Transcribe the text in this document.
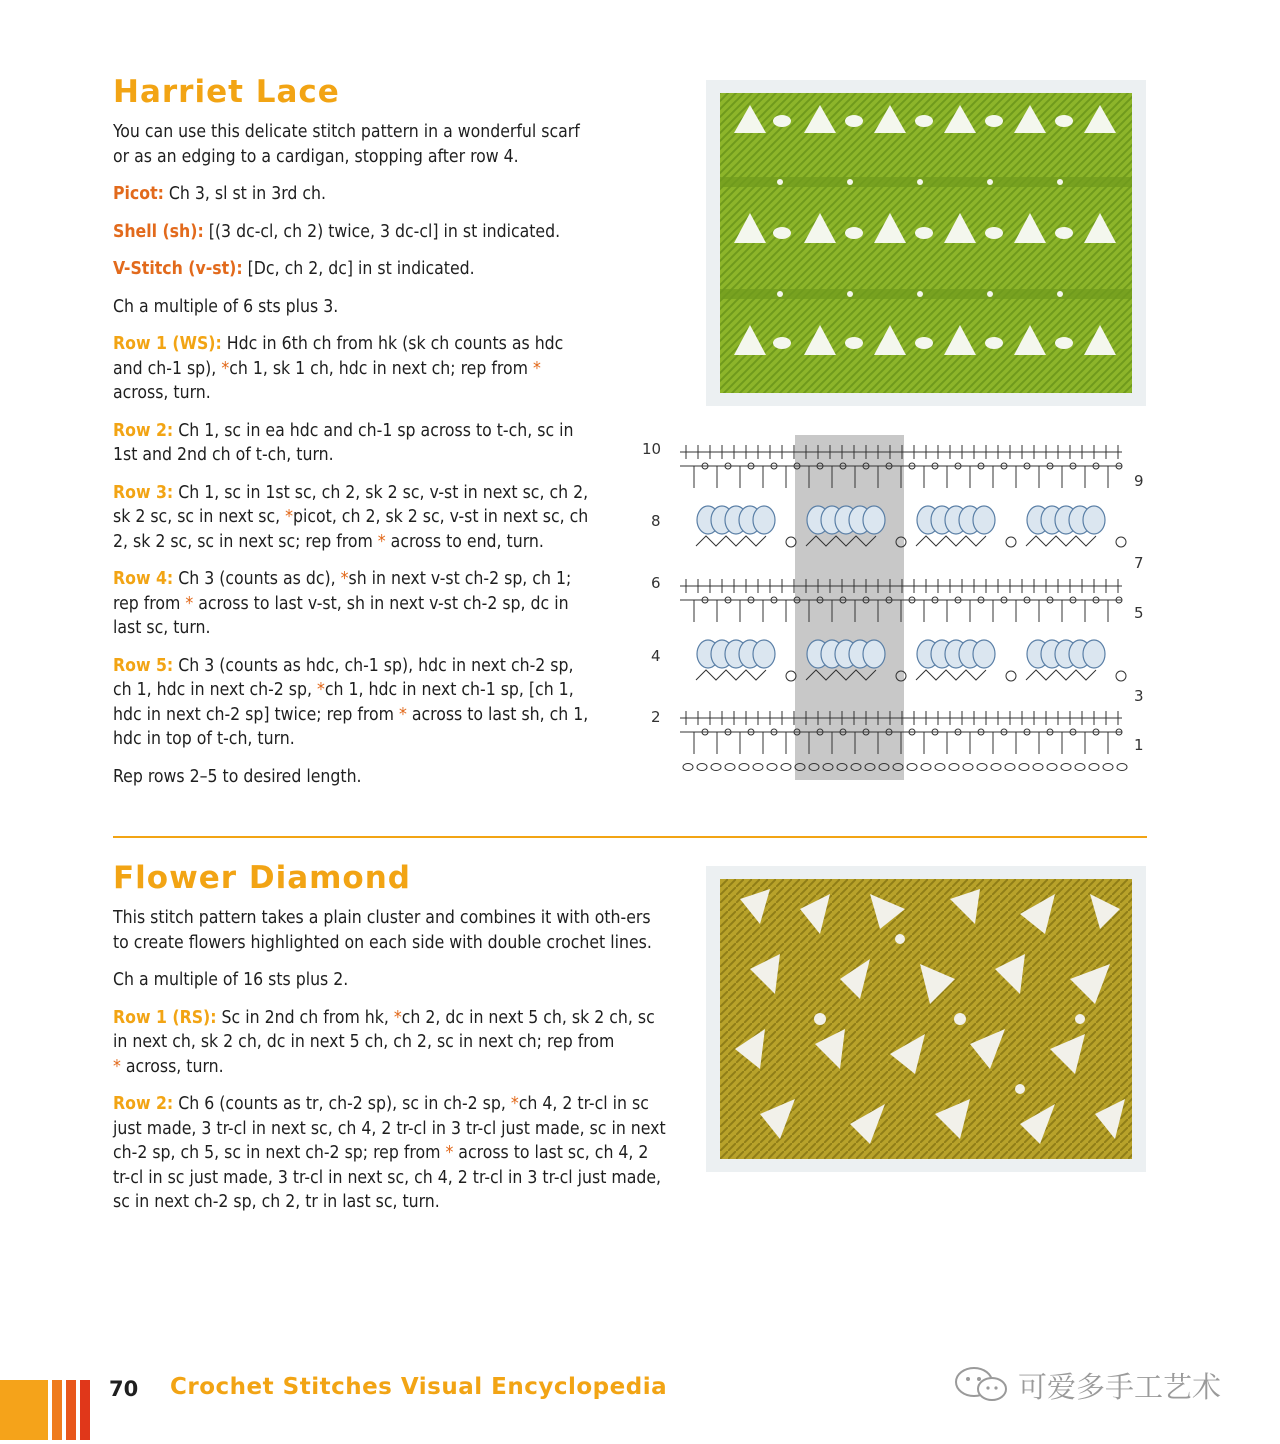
Harriet Lace

You can use this delicate stitch pattern in a wonderful scarf or as an edging to a cardigan, stopping after row 4.

Picot: Ch 3, sl st in 3rd ch.

Shell (sh): [(3 dc-cl, ch 2) twice, 3 dc-cl] in st indicated.

V-Stitch (v-st): [Dc, ch 2, dc] in st indicated.

Ch a multiple of 6 sts plus 3.

Row 1 (WS): Hdc in 6th ch from hk (sk ch counts as hdc and ch-1 sp), *ch 1, sk 1 ch, hdc in next ch; rep from * across, turn.

Row 2: Ch 1, sc in ea hdc and ch-1 sp across to t-ch, sc in 1st and 2nd ch of t-ch, turn.

Row 3: Ch 1, sc in 1st sc, ch 2, sk 2 sc, v-st in next sc, ch 2, sk 2 sc, sc in next sc, *picot, ch 2, sk 2 sc, v-st in next sc, ch 2, sk 2 sc, sc in next sc; rep from * across to end, turn.

Row 4: Ch 3 (counts as dc), *sh in next v-st ch-2 sp, ch 1; rep from * across to last v-st, sh in next v-st ch-2 sp, dc in last sc, turn.

Row 5: Ch 3 (counts as hdc, ch-1 sp), hdc in next ch-2 sp, ch 1, hdc in next ch-2 sp, *ch 1, hdc in next ch-1 sp, [ch 1, hdc in next ch-2 sp] twice; rep from * across to last sh, ch 1, hdc in top of t-ch, turn.

Rep rows 2–5 to desired length.

10
8
6
4
2
9
7
5
3
1
Flower Diamond

This stitch pattern takes a plain cluster and combines it with oth-ers to create flowers highlighted on each side with double crochet lines.

Ch a multiple of 16 sts plus 2.

Row 1 (RS): Sc in 2nd ch from hk, *ch 2, dc in next 5 ch, sk 2 ch, sc in next ch, sk 2 ch, dc in next 5 ch, ch 2, sc in next ch; rep from
* across, turn.

Row 2: Ch 6 (counts as tr, ch-2 sp), sc in ch-2 sp, *ch 4, 2 tr-cl in sc just made, 3 tr-cl in next sc, ch 4, 2 tr-cl in 3 tr-cl just made, sc in next ch-2 sp, ch 5, sc in next ch-2 sp; rep from * across to last sc, ch 4, 2 tr-cl in sc just made, 3 tr-cl in next sc, ch 4, 2 tr-cl in 3 tr-cl just made, sc in next ch-2 sp, ch 2, tr in last sc, turn.

70 Crochet Stitches Visual Encyclopedia	可爱多手工艺术
